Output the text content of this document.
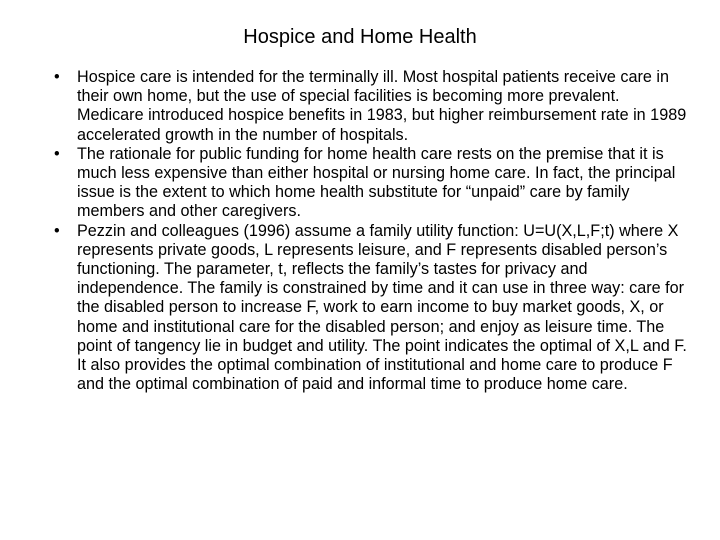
Hospice and Home Health
• Hospice care is intended for the terminally ill. Most hospital patients receive care in their own home, but the use of special facilities is becoming more prevalent. Medicare introduced hospice benefits in 1983, but higher reimbursement rate in 1989 accelerated growth in the number of hospitals.
• The rationale for public funding for home health care rests on the premise that it is much less expensive than either hospital or nursing home care. In fact, the principal issue is the extent to which home health substitute for “unpaid” care by family members and other caregivers.
• Pezzin and colleagues (1996) assume a family utility function: U=U(X,L,F;t) where X represents private goods, L represents leisure, and F represents disabled person’s functioning. The parameter, t, reflects the family’s tastes for privacy and independence. The family is constrained by time and it can use in three way: care for the disabled person to increase F, work to earn income to buy market goods, X, or home and institutional care for the disabled person; and enjoy as leisure time. The point of tangency lie in budget and utility. The point indicates the optimal of X,L and F. It also provides the optimal combination of institutional and home care to produce F and the optimal combination of paid and informal time to produce home care.
